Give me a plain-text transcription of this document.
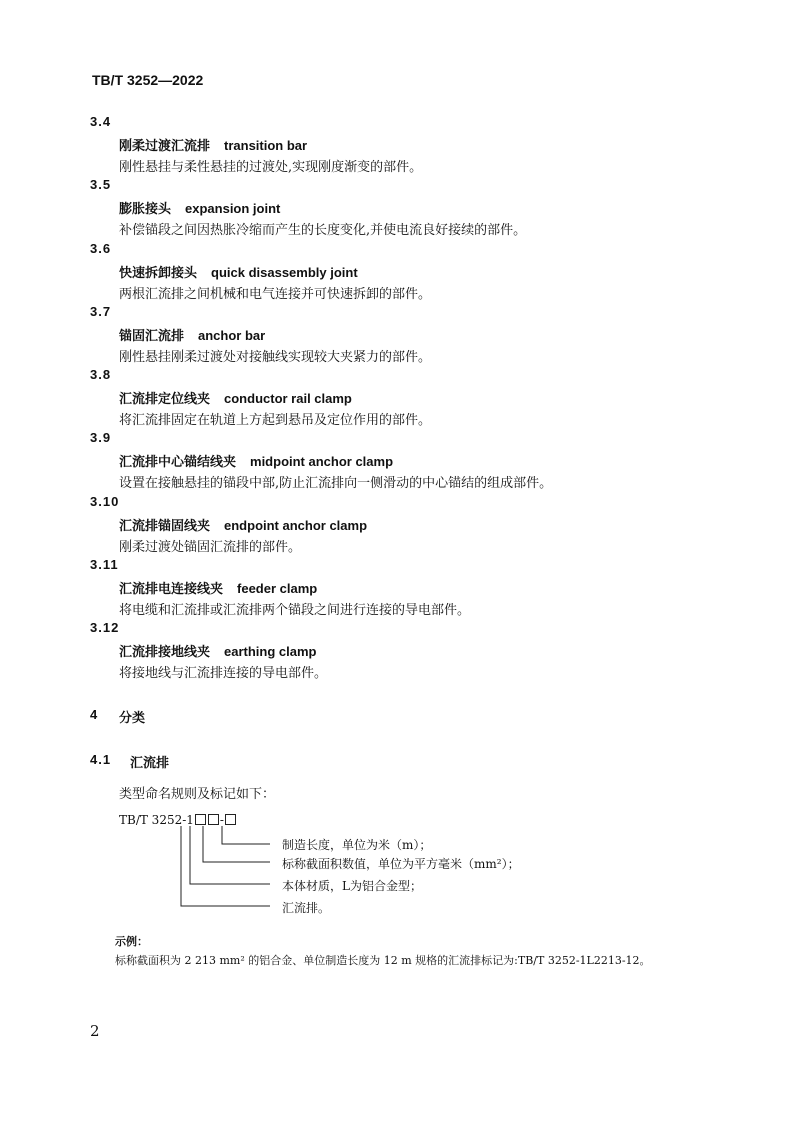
TB/T 3252—2022
3.4
刚柔过渡汇流排 transition bar
刚性悬挂与柔性悬挂的过渡处,实现刚度渐变的部件。
3.5
膨胀接头 expansion joint
补偿锚段之间因热胀冷缩而产生的长度变化,并使电流良好接续的部件。
3.6
快速拆卸接头 quick disassembly joint
两根汇流排之间机械和电气连接并可快速拆卸的部件。
3.7
锚固汇流排 anchor bar
刚性悬挂刚柔过渡处对接触线实现较大夹紧力的部件。
3.8
汇流排定位线夹 conductor rail clamp
将汇流排固定在轨道上方起到悬吊及定位作用的部件。
3.9
汇流排中心锚结线夹 midpoint anchor clamp
设置在接触悬挂的锚段中部,防止汇流排向一侧滑动的中心锚结的组成部件。
3.10
汇流排锚固线夹 endpoint anchor clamp
刚柔过渡处锚固汇流排的部件。
3.11
汇流排电连接线夹 feeder clamp
将电缆和汇流排或汇流排两个锚段之间进行连接的导电部件。
3.12
汇流排接地线夹 earthing clamp
将接地线与汇流排连接的导电部件。
4 分类
4.1 汇流排
类型命名规则及标记如下：
TB/T 3252-1 -
制造长度，单位为米（m）；
标称截面积数值，单位为平方毫米（mm²）；
本体材质，L为铝合金型；
汇流排。
示例：
标称截面积为 2 213 mm² 的铝合金、单位制造长度为 12 m 规格的汇流排标记为:TB/T 3252-1L2213-12。
2
